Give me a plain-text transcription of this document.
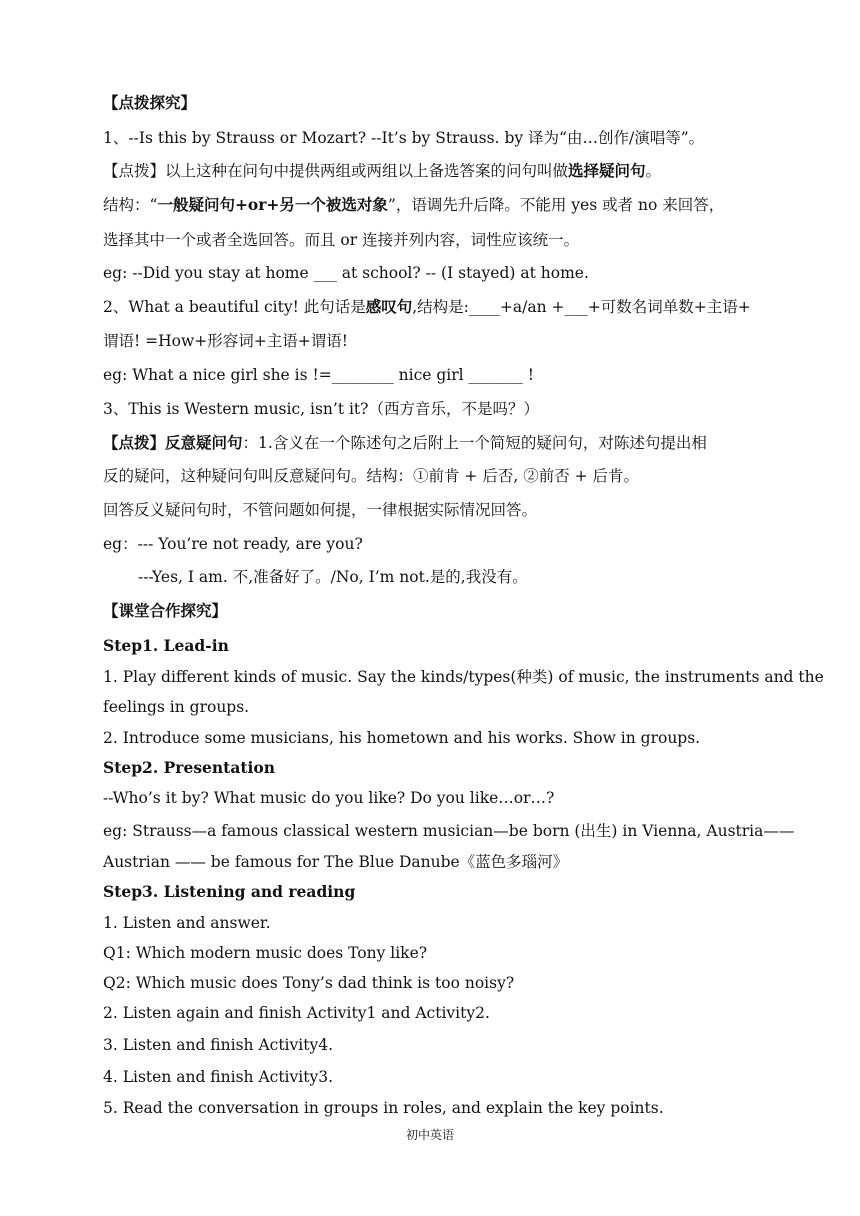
【点拨探究】
1、--Is this by Strauss or Mozart? --It’s by Strauss. by 译为“由…创作/演唱等”。
【点拨】以上这种在问句中提供两组或两组以上备选答案的问句叫做选择疑问句。
结构：“一般疑问句+or+另一个被选对象”，语调先升后降。不能用 yes 或者 no 来回答，
选择其中一个或者全选回答。而且 or 连接并列内容，词性应该统一。
eg: --Did you stay at home ___ at school? -- (I stayed) at home.
2、What a beautiful city! 此句话是感叹句,结构是:____+a/an +___+可数名词单数+主语+
谓语! =How+形容词+主语+谓语!
eg: What a nice girl she is !=________ nice girl _______ !
3、This is Western music, isn’t it?（西方音乐，不是吗？）
【点拨】反意疑问句：1.含义在一个陈述句之后附上一个简短的疑问句，对陈述句提出相
反的疑问，这种疑问句叫反意疑问句。结构：①前肯 + 后否, ②前否 + 后肯。
回答反义疑问句时，不管问题如何提，一律根据实际情况回答。
eg：--- You’re not ready, are you?
---Yes, I am. 不,准备好了。/No, I’m not.是的,我没有。
【课堂合作探究】
Step1. Lead-in
1. Play different kinds of music. Say the kinds/types(种类) of music, the instruments and the
feelings in groups.
2. Introduce some musicians, his hometown and his works. Show in groups.
Step2. Presentation
--Who’s it by? What music do you like? Do you like…or…?
eg: Strauss—a famous classical western musician—be born (出生) in Vienna, Austria——
Austrian —— be famous for The Blue Danube《蓝色多瑙河》
Step3. Listening and reading
1. Listen and answer.
Q1: Which modern music does Tony like?
Q2: Which music does Tony’s dad think is too noisy?
2. Listen again and finish Activity1 and Activity2.
3. Listen and finish Activity4.
4. Listen and finish Activity3.
5. Read the conversation in groups in roles, and explain the key points.
初中英语
